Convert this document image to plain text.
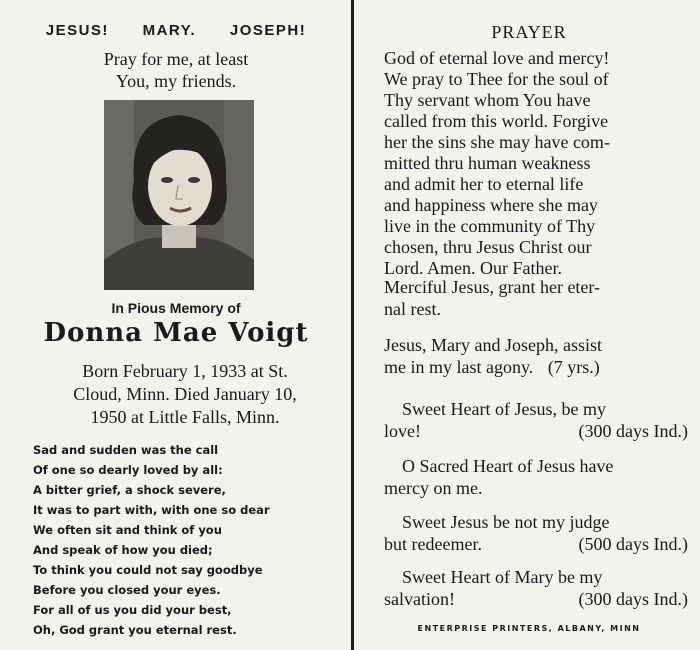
JESUS! MARY. JOSEPH!
Pray for me, at least
You, my friends.
In Pious Memory of
Donna Mae Voigt
Born February 1, 1933 at St.
Cloud, Minn. Died January 10,
1950 at Little Falls, Minn.
Sad and sudden was the call
Of one so dearly loved by all:
A bitter grief, a shock severe,
It was to part with, with one so dear
We often sit and think of you
And speak of how you died;
To think you could not say goodbye
Before you closed your eyes.
For all of us you did your best,
Oh, God grant you eternal rest.
PRAYER
God of eternal love and mercy!
We pray to Thee for the soul of
Thy servant whom You have
called from this world. Forgive
her the sins she may have com-
mitted thru human weakness
and admit her to eternal life
and happiness where she may
live in the community of Thy
chosen, thru Jesus Christ our
Lord. Amen. Our Father.
Merciful Jesus, grant her eter-
nal rest.
Jesus, Mary and Joseph, assist
me in my last agony. (7 yrs.)
Sweet Heart of Jesus, be my
love!	(300 days Ind.)
O Sacred Heart of Jesus have
mercy on me.
Sweet Jesus be not my judge
but redeemer.	(500 days Ind.)
Sweet Heart of Mary be my
salvation!	(300 days Ind.)
ENTERPRISE PRINTERS, ALBANY, MINN
